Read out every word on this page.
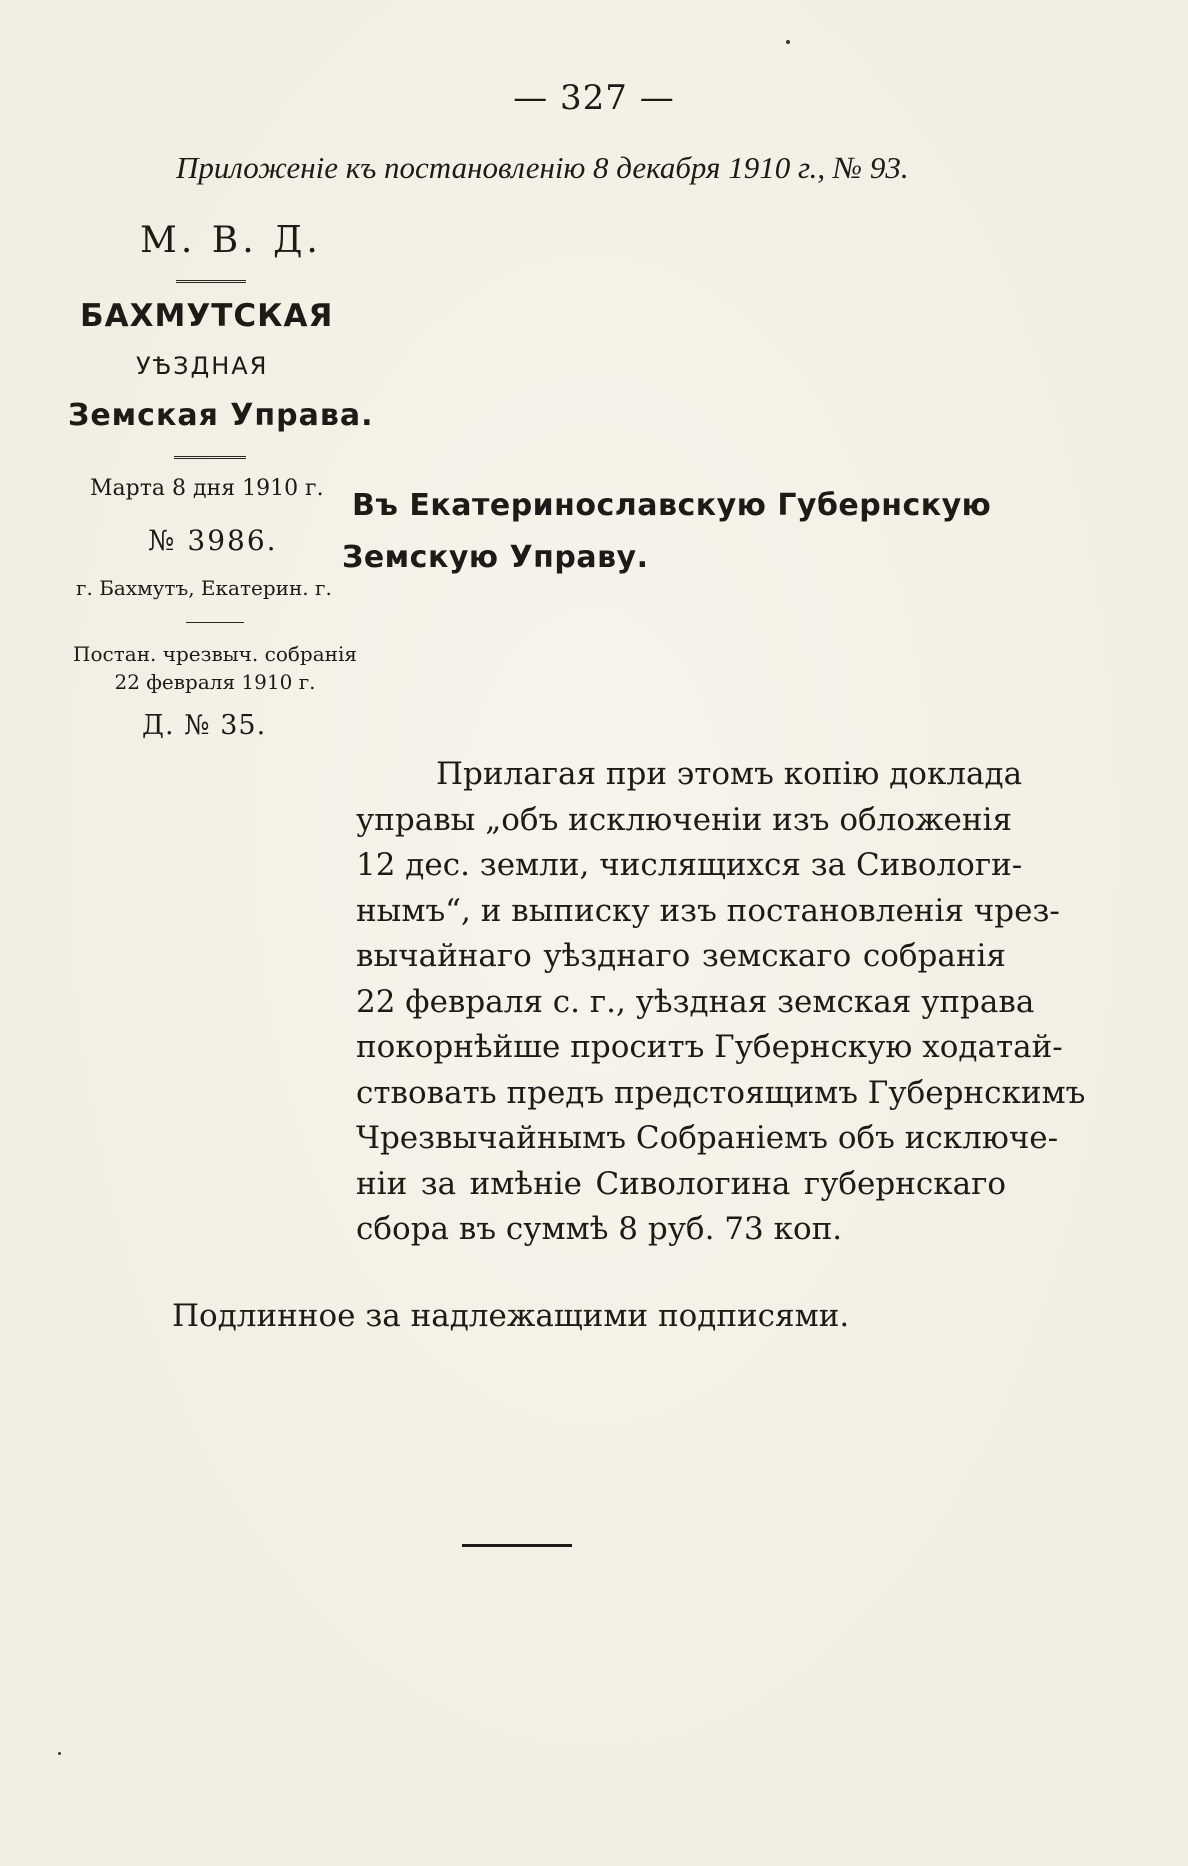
— 327 —
Приложеніе къ постановленію 8 декабря 1910 г., № 93.
М. В. Д.
БАХМУТСКАЯ
УѢЗДНАЯ
Земская Управа.
Марта 8 дня 1910 г.
№ 3986.
г. Бахмутъ, Екатерин. г.
Постан. чрезвыч. собранія
22 февраля 1910 г.
Д. № 35.
Въ Екатеринославскую Губернскую
Земскую Управу.
Прилагая при этомъ копію доклада
управы „объ исключеніи изъ обложенія
12 дес. земли, числящихся за Сивологи-
нымъ“, и выписку изъ постановленія чрез-
вычайнаго уѣзднаго земскаго собранія
22 февраля с. г., уѣздная земская управа
покорнѣйше проситъ Губернскую ходатай-
ствовать предъ предстоящимъ Губернскимъ
Чрезвычайнымъ Собраніемъ объ исключе-
ніи за имѣніе Сивологина губернскаго
сбора въ суммѣ 8 руб. 73 коп.
Подлинное за надлежащими подписями.
